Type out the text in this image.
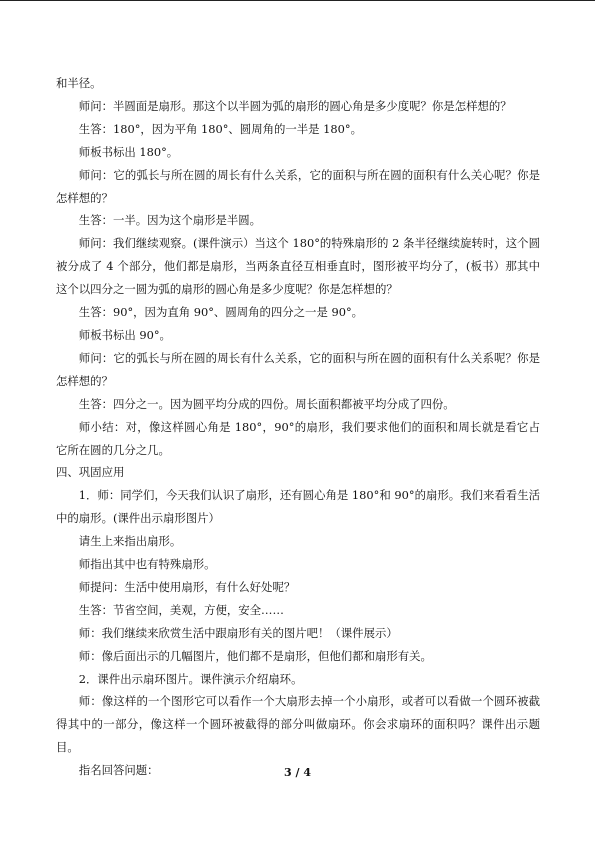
和半径。

师问：半圆面是扇形。那这个以半圆为弧的扇形的圆心角是多少度呢？你是怎样想的？

生答：180°，因为平角 180°、圆周角的一半是 180°。

师板书标出 180°。

师问：它的弧长与所在圆的周长有什么关系，它的面积与所在圆的面积有什么关心呢？你是怎样想的？

生答：一半。因为这个扇形是半圆。

师问：我们继续观察。(课件演示）当这个 180°的特殊扇形的 2 条半径继续旋转时，这个圆被分成了 4 个部分，他们都是扇形，当两条直径互相垂直时，图形被平均分了，(板书）那其中这个以四分之一圆为弧的扇形的圆心角是多少度呢？你是怎样想的？

生答：90°，因为直角 90°、圆周角的四分之一是 90°。

师板书标出 90°。

师问：它的弧长与所在圆的周长有什么关系，它的面积与所在圆的面积有什么关系呢？你是怎样想的？

生答：四分之一。因为圆平均分成的四份。周长面积都被平均分成了四份。

师小结：对，像这样圆心角是 180°，90°的扇形，我们要求他们的面积和周长就是看它占它所在圆的几分之几。

四、巩固应用

1．师：同学们，今天我们认识了扇形，还有圆心角是 180°和 90°的扇形。我们来看看生活中的扇形。(课件出示扇形图片）

请生上来指出扇形。

师指出其中也有特殊扇形。

师提问：生活中使用扇形，有什么好处呢？

生答：节省空间，美观，方便，安全……

师：我们继续来欣赏生活中跟扇形有关的图片吧！（课件展示）

师：像后面出示的几幅图片，他们都不是扇形，但他们都和扇形有关。

2．课件出示扇环图片。课件演示介绍扇环。

师：像这样的一个图形它可以看作一个大扇形去掉一个小扇形，或者可以看做一个圆环被截得其中的一部分，像这样一个圆环被截得的部分叫做扇环。你会求扇环的面积吗？课件出示题目。

指名回答问题：	3 / 4
